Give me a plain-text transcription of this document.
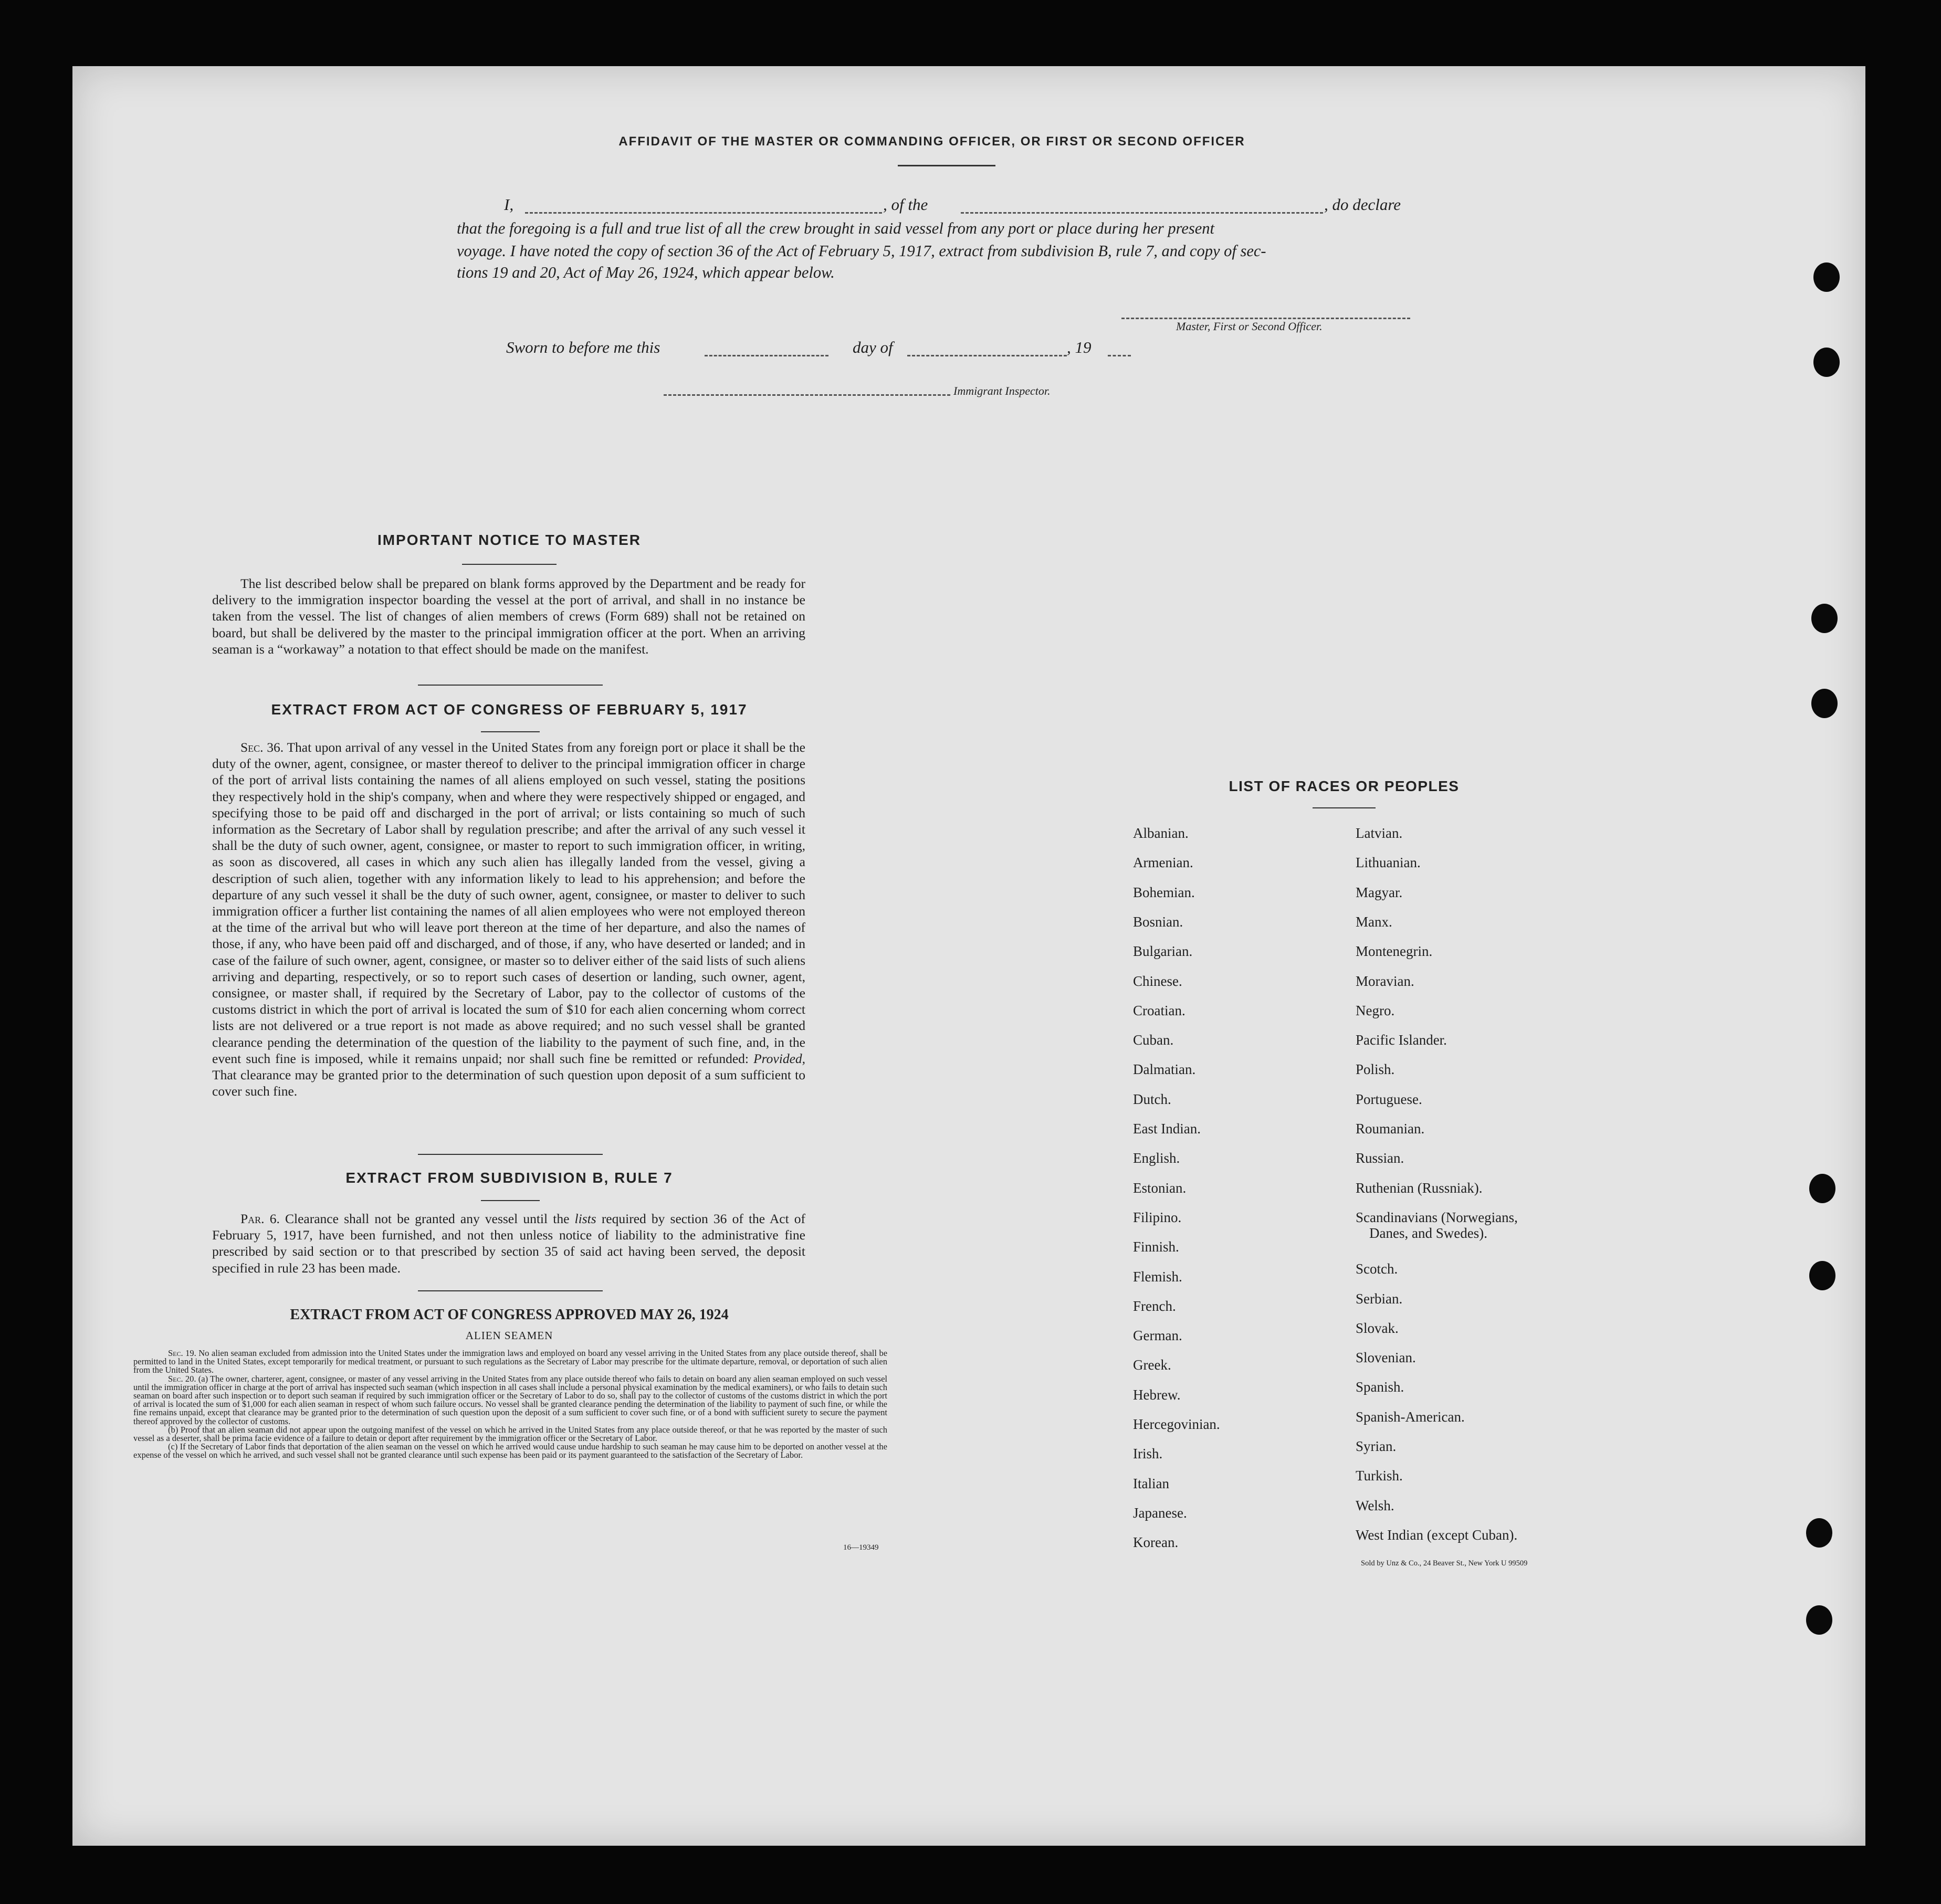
AFFIDAVIT OF THE MASTER OR COMMANDING OFFICER, OR FIRST OR SECOND OFFICER
I,	, of the	, do declare
that the foregoing is a full and true list of all the crew brought in said vessel from any port or place during her present
voyage. I have noted the copy of section 36 of the Act of February 5, 1917, extract from subdivision B, rule 7, and copy of sec-
tions 19 and 20, Act of May 26, 1924, which appear below.
Master, First or Second Officer.
Sworn to before me this	day of	, 19
Immigrant Inspector.
IMPORTANT NOTICE TO MASTER
The list described below shall be prepared on blank forms approved by the Department and be ready for delivery to the immigration inspector boarding the vessel at the port of arrival, and shall in no instance be taken from the vessel. The list of changes of alien members of crews (Form 689) shall not be retained on board, but shall be delivered by the master to the principal immigration officer at the port. When an arriving seaman is a “workaway” a notation to that effect should be made on the manifest.
EXTRACT FROM ACT OF CONGRESS OF FEBRUARY 5, 1917
Sec. 36. That upon arrival of any vessel in the United States from any foreign port or place it shall be the duty of the owner, agent, consignee, or master thereof to deliver to the principal immigration officer in charge of the port of arrival lists containing the names of all aliens employed on such vessel, stating the positions they respectively hold in the ship's company, when and where they were respectively shipped or engaged, and specifying those to be paid off and discharged in the port of arrival; or lists containing so much of such information as the Secretary of Labor shall by regulation prescribe; and after the arrival of any such vessel it shall be the duty of such owner, agent, consignee, or master to report to such immigration officer, in writing, as soon as discovered, all cases in which any such alien has illegally landed from the vessel, giving a description of such alien, together with any information likely to lead to his apprehension; and before the departure of any such vessel it shall be the duty of such owner, agent, consignee, or master to deliver to such immigration officer a further list containing the names of all alien employees who were not employed thereon at the time of the arrival but who will leave port thereon at the time of her departure, and also the names of those, if any, who have been paid off and discharged, and of those, if any, who have deserted or landed; and in case of the failure of such owner, agent, consignee, or master so to deliver either of the said lists of such aliens arriving and departing, respectively, or so to report such cases of desertion or landing, such owner, agent, consignee, or master shall, if required by the Secretary of Labor, pay to the collector of customs of the customs district in which the port of arrival is located the sum of $10 for each alien concerning whom correct lists are not delivered or a true report is not made as above required; and no such vessel shall be granted clearance pending the determination of the question of the liability to the payment of such fine, and, in the event such fine is imposed, while it remains unpaid; nor shall such fine be remitted or refunded: Provided, That clearance may be granted prior to the determination of such question upon deposit of a sum sufficient to cover such fine.
EXTRACT FROM SUBDIVISION B, RULE 7
Par. 6. Clearance shall not be granted any vessel until the lists required by section 36 of the Act of February 5, 1917, have been furnished, and not then unless notice of liability to the administrative fine prescribed by said section or to that prescribed by section 35 of said act having been served, the deposit specified in rule 23 has been made.
EXTRACT FROM ACT OF CONGRESS APPROVED MAY 26, 1924
ALIEN SEAMEN
Sec. 19. No alien seaman excluded from admission into the United States under the immigration laws and employed on board any vessel arriving in the United States from any place outside thereof, shall be permitted to land in the United States, except temporarily for medical treatment, or pursuant to such regulations as the Secretary of Labor may prescribe for the ultimate departure, removal, or deportation of such alien from the United States.
Sec. 20. (a) The owner, charterer, agent, consignee, or master of any vessel arriving in the United States from any place outside thereof who fails to detain on board any alien seaman employed on such vessel until the immigration officer in charge at the port of arrival has inspected such seaman (which inspection in all cases shall include a personal physical examination by the medical examiners), or who fails to detain such seaman on board after such inspection or to deport such seaman if required by such immigration officer or the Secretary of Labor to do so, shall pay to the collector of customs of the customs district in which the port of arrival is located the sum of $1,000 for each alien seaman in respect of whom such failure occurs. No vessel shall be granted clearance pending the determination of the liability to payment of such fine, or while the fine remains unpaid, except that clearance may be granted prior to the determination of such question upon the deposit of a sum sufficient to cover such fine, or of a bond with sufficient surety to secure the payment thereof approved by the collector of customs.
(b) Proof that an alien seaman did not appear upon the outgoing manifest of the vessel on which he arrived in the United States from any place outside thereof, or that he was reported by the master of such vessel as a deserter, shall be prima facie evidence of a failure to detain or deport after requirement by the immigration officer or the Secretary of Labor.
(c) If the Secretary of Labor finds that deportation of the alien seaman on the vessel on which he arrived would cause undue hardship to such seaman he may cause him to be deported on another vessel at the expense of the vessel on which he arrived, and such vessel shall not be granted clearance until such expense has been paid or its payment guaranteed to the satisfaction of the Secretary of Labor.
16—19349
LIST OF RACES OR PEOPLES
Sold by Unz & Co., 24 Beaver St., New York U 99509
Albanian.
Armenian.
Bohemian.
Bosnian.
Bulgarian.
Chinese.
Croatian.
Cuban.
Dalmatian.
Dutch.
East Indian.
English.
Estonian.
Filipino.
Finnish.
Flemish.
French.
German.
Greek.
Hebrew.
Hercegovinian.
Irish.
Italian
Japanese.
Korean.
Latvian.
Lithuanian.
Magyar.
Manx.
Montenegrin.
Moravian.
Negro.
Pacific Islander.
Polish.
Portuguese.
Roumanian.
Russian.
Ruthenian (Russniak).
Scandinavians (Norwegians,
Danes, and Swedes).
Scotch.
Serbian.
Slovak.
Slovenian.
Spanish.
Spanish-American.
Syrian.
Turkish.
Welsh.
West Indian (except Cuban).
